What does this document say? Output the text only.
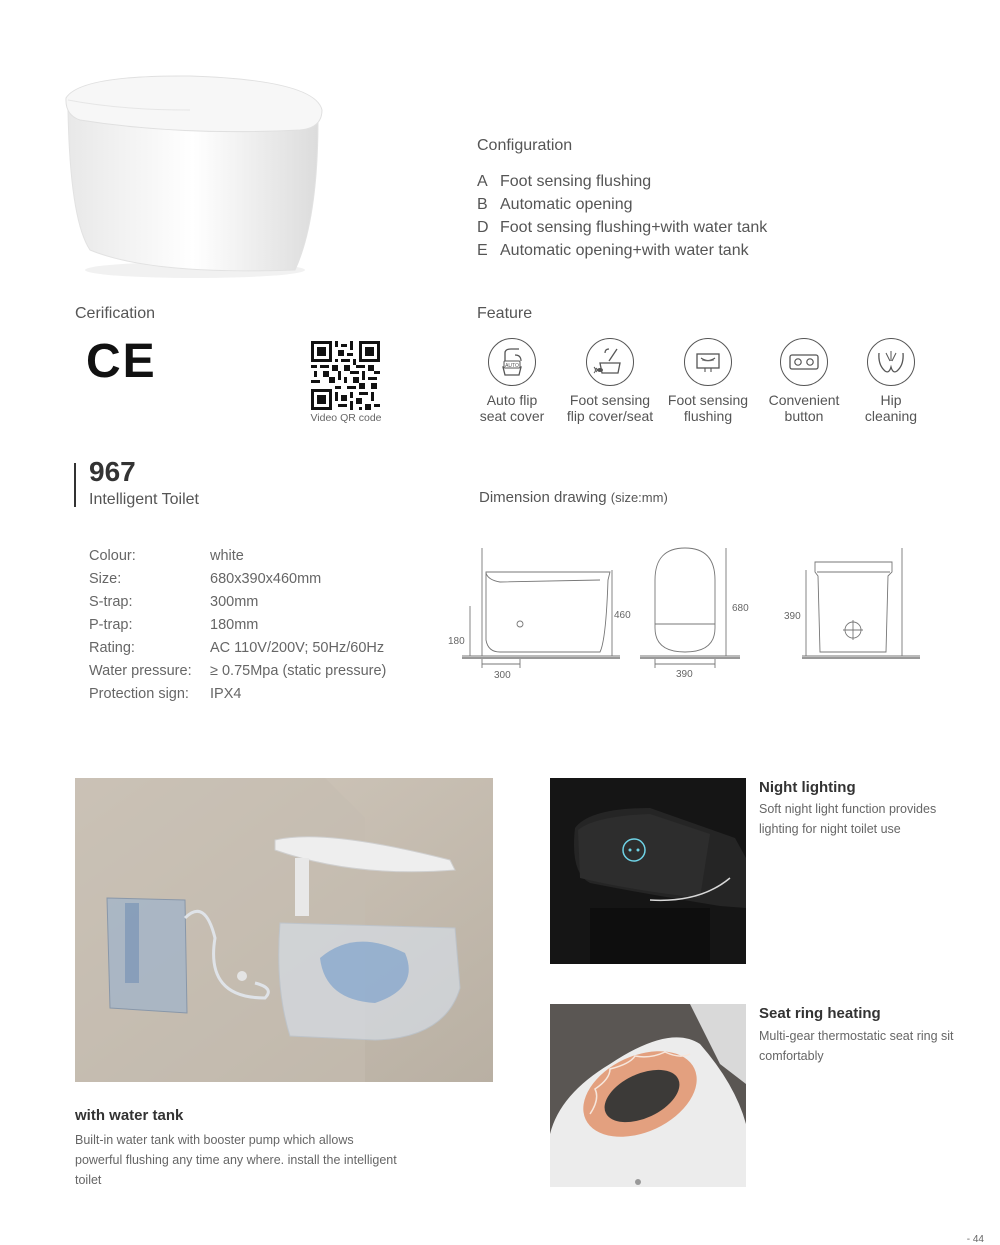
Configuration
A Foot sensing flushing
B Automatic opening
D Foot sensing flushing+with water tank
E Automatic opening+with water tank
Cerification
CE
Video QR code
Feature
AUTO
Auto flip
seat cover
Foot sensing
flip cover/seat
Foot sensing
flushing
Convenient
button
Hip
cleaning
967
Intelligent Toilet
Colour:	white
Size:	680x390x460mm
S-trap:	300mm
P-trap:	180mm
Rating:	AC 110V/200V; 50Hz/60Hz
Water pressure:	≥ 0.75Mpa (static pressure)
Protection sign:	IPX4
Dimension drawing (size:mm)
180
460
300
680
390
390
with water tank
Built-in water tank with booster pump which allows
powerful flushing any time any where. install the intelligent
toilet
Night lighting
Soft night light function provides
lighting for night toilet use
Seat ring heating
Multi-gear thermostatic seat ring sit
comfortably
- 44
